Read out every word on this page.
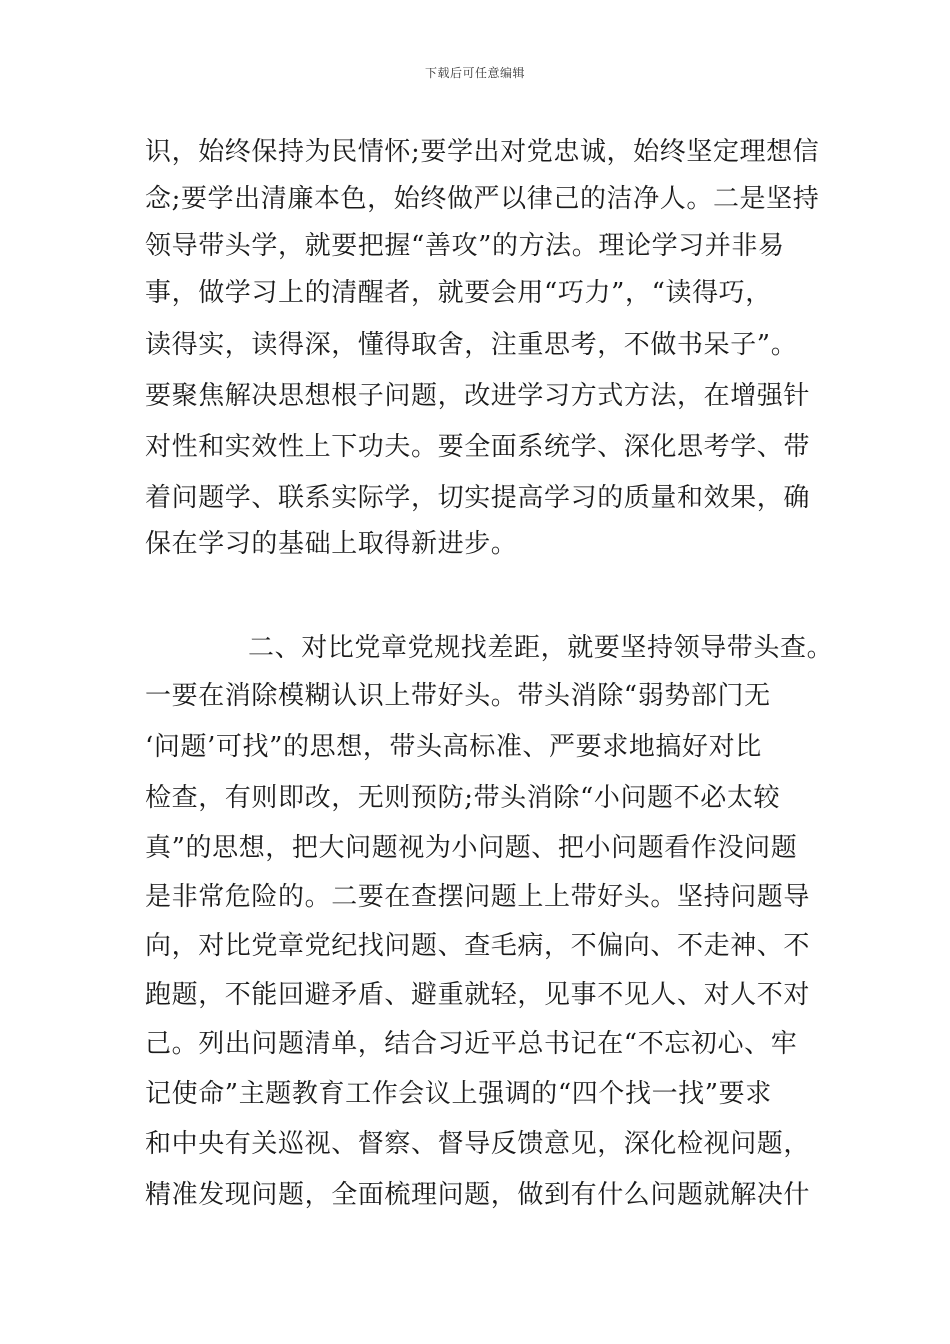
下载后可任意编辑
识，始终保持为民情怀;要学出对党忠诚，始终坚定理想信
念;要学出清廉本色，始终做严以律己的洁净人。二是坚持
领导带头学，就要把握“善攻”的方法。理论学习并非易
事，做学习上的清醒者，就要会用“巧力”，“读得巧，
读得实，读得深，懂得取舍，注重思考，不做书呆子”。
要聚焦解决思想根子问题，改进学习方式方法，在增强针
对性和实效性上下功夫。要全面系统学、深化思考学、带
着问题学、联系实际学，切实提高学习的质量和效果，确
保在学习的基础上取得新进步。
二、对比党章党规找差距，就要坚持领导带头查。
一要在消除模糊认识上带好头。带头消除“弱势部门无
‘问题’可找”的思想，带头高标准、严要求地搞好对比
检查，有则即改，无则预防;带头消除“小问题不必太较
真”的思想，把大问题视为小问题、把小问题看作没问题
是非常危险的。二要在查摆问题上上带好头。坚持问题导
向，对比党章党纪找问题、查毛病，不偏向、不走神、不
跑题，不能回避矛盾、避重就轻，见事不见人、对人不对
己。列出问题清单，结合习近平总书记在“不忘初心、牢
记使命”主题教育工作会议上强调的“四个找一找”要求
和中央有关巡视、督察、督导反馈意见，深化检视问题，
精准发现问题，全面梳理问题，做到有什么问题就解决什
